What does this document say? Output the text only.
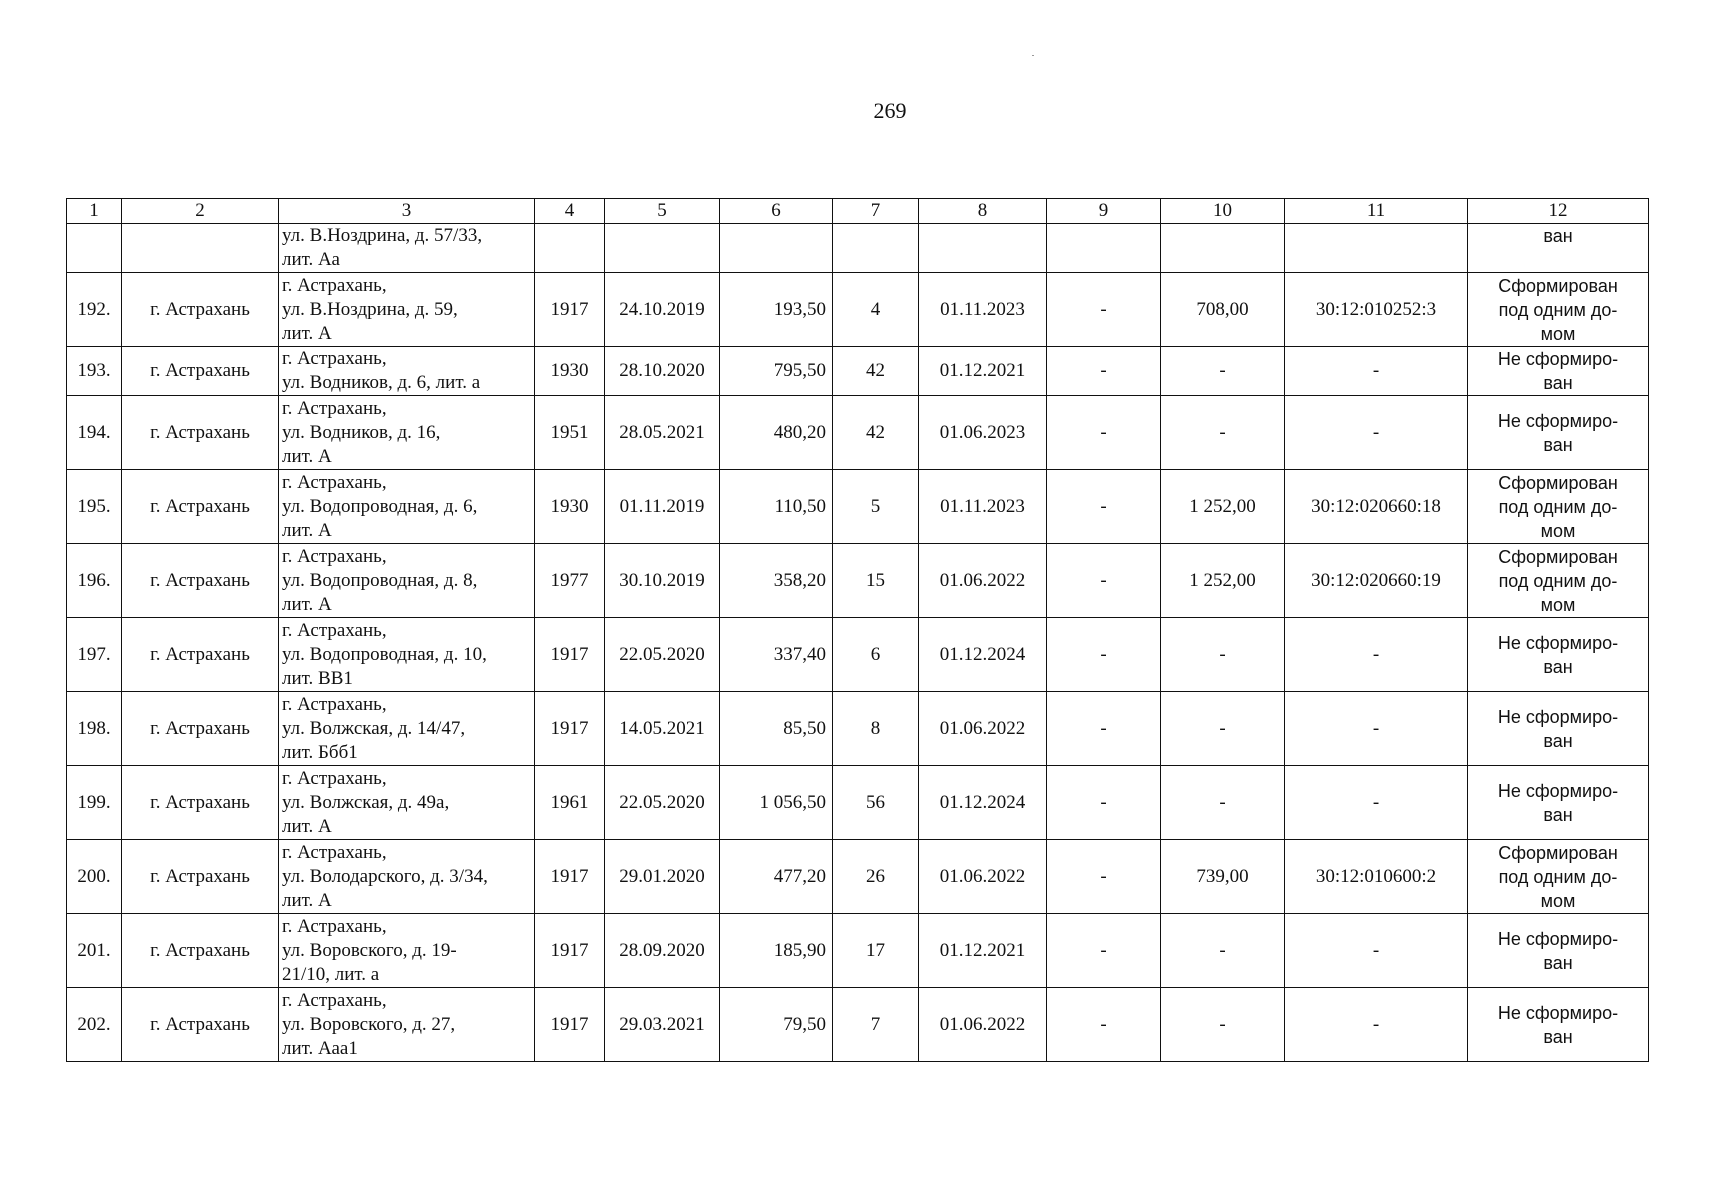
269
1	2	3	4	5	6	7	8	9	10	11	12
		ул. В.Ноздрина, д. 57/33,
лит. Аа									ван
192.	г. Астрахань	г. Астрахань,
ул. В.Ноздрина, д. 59,
лит. А	1917	24.10.2019	193,50	4	01.11.2023	-	708,00	30:12:010252:3	Сформирован
под одним до-
мом
193.	г. Астрахань	г. Астрахань,
ул. Водников, д. 6, лит. а	1930	28.10.2020	795,50	42	01.12.2021	-	-	-	Не сформиро-
ван
194.	г. Астрахань	г. Астрахань,
ул. Водников, д. 16,
лит. А	1951	28.05.2021	480,20	42	01.06.2023	-	-	-	Не сформиро-
ван
195.	г. Астрахань	г. Астрахань,
ул. Водопроводная, д. 6,
лит. А	1930	01.11.2019	110,50	5	01.11.2023	-	1 252,00	30:12:020660:18	Сформирован
под одним до-
мом
196.	г. Астрахань	г. Астрахань,
ул. Водопроводная, д. 8,
лит. А	1977	30.10.2019	358,20	15	01.06.2022	-	1 252,00	30:12:020660:19	Сформирован
под одним до-
мом
197.	г. Астрахань	г. Астрахань,
ул. Водопроводная, д. 10,
лит. ВВ1	1917	22.05.2020	337,40	6	01.12.2024	-	-	-	Не сформиро-
ван
198.	г. Астрахань	г. Астрахань,
ул. Волжская, д. 14/47,
лит. Ббб1	1917	14.05.2021	85,50	8	01.06.2022	-	-	-	Не сформиро-
ван
199.	г. Астрахань	г. Астрахань,
ул. Волжская, д. 49а,
лит. А	1961	22.05.2020	1 056,50	56	01.12.2024	-	-	-	Не сформиро-
ван
200.	г. Астрахань	г. Астрахань,
ул. Володарского, д. 3/34,
лит. А	1917	29.01.2020	477,20	26	01.06.2022	-	739,00	30:12:010600:2	Сформирован
под одним до-
мом
201.	г. Астрахань	г. Астрахань,
ул. Воровского, д. 19-
21/10, лит. а	1917	28.09.2020	185,90	17	01.12.2021	-	-	-	Не сформиро-
ван
202.	г. Астрахань	г. Астрахань,
ул. Воровского, д. 27,
лит. Ааа1	1917	29.03.2021	79,50	7	01.06.2022	-	-	-	Не сформиро-
ван
